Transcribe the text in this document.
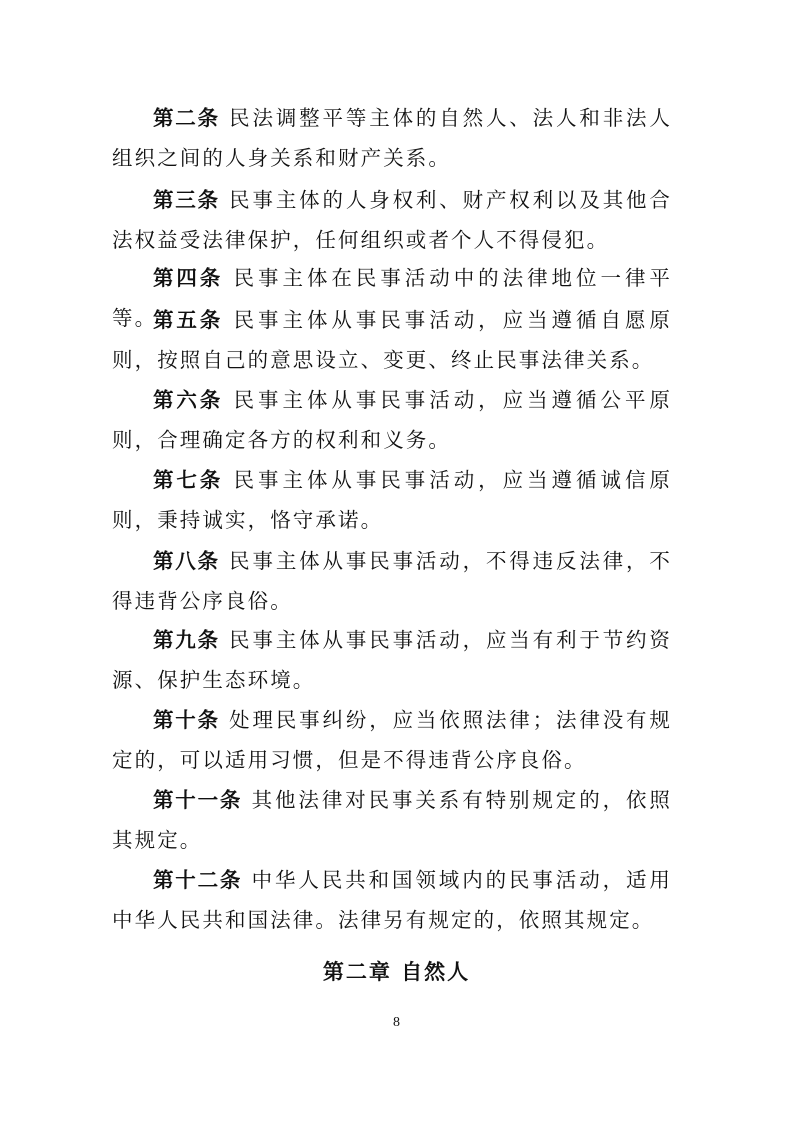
第二条 民法调整平等主体的自然人、法人和非法人组织之间的人身关系和财产关系。

第三条 民事主体的人身权利、财产权利以及其他合法权益受法律保护，任何组织或者个人不得侵犯。

第四条 民事主体在民事活动中的法律地位一律平等。

第五条 民事主体从事民事活动，应当遵循自愿原则，按照自己的意思设立、变更、终止民事法律关系。

第六条 民事主体从事民事活动，应当遵循公平原则，合理确定各方的权利和义务。

第七条 民事主体从事民事活动，应当遵循诚信原则，秉持诚实，恪守承诺。

第八条 民事主体从事民事活动，不得违反法律，不得违背公序良俗。

第九条 民事主体从事民事活动，应当有利于节约资源、保护生态环境。

第十条 处理民事纠纷，应当依照法律；法律没有规定的，可以适用习惯，但是不得违背公序良俗。

第十一条 其他法律对民事关系有特别规定的，依照其规定。

第十二条 中华人民共和国领域内的民事活动，适用中华人民共和国法律。法律另有规定的，依照其规定。

第二章 自然人
8
